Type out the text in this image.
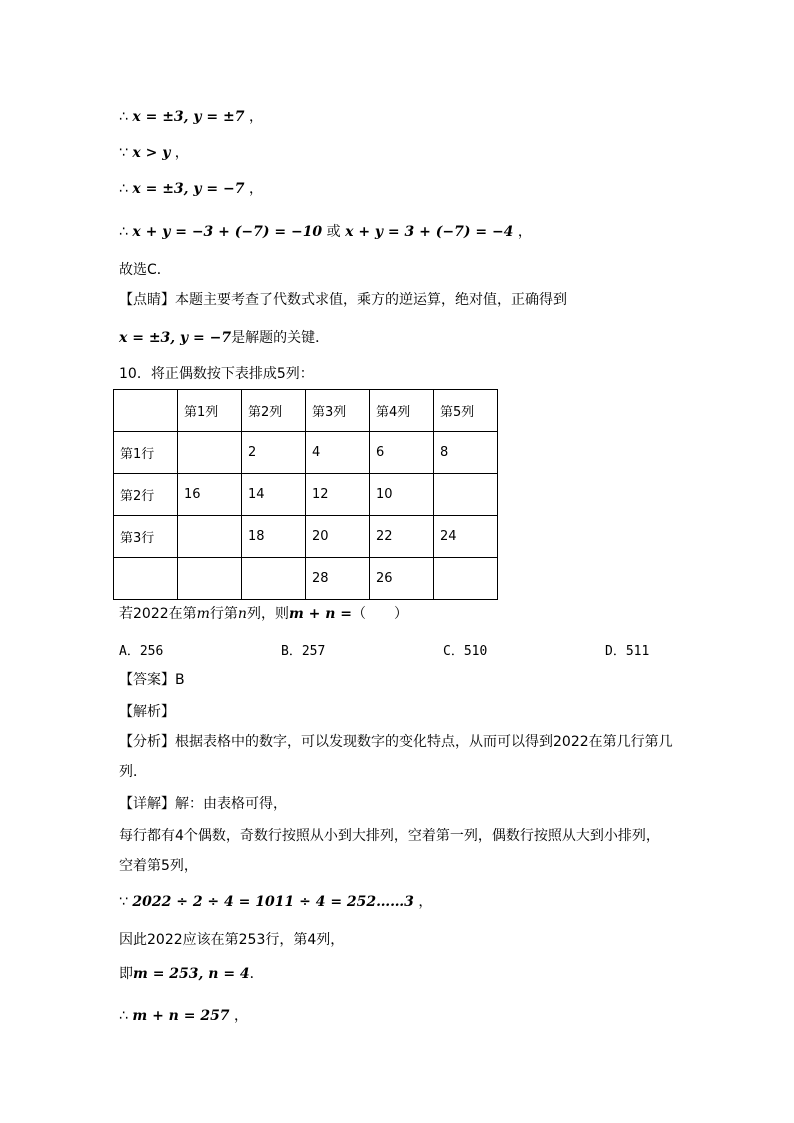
∴ x = ±3, y = ±7 ，
∵ x > y ，
∴ x = ±3, y = −7 ，
∴ x + y = −3 + (−7) = −10 或 x + y = 3 + (−7) = −4 ，
故选C．
【点睛】本题主要考查了代数式求值，乘方的逆运算，绝对值，正确得到
x = ±3, y = −7是解题的关键．
10．将正偶数按下表排成5列：
	第1列	第2列	第3列	第4列	第5列
第1行		2	4	6	8
第2行	16	14	12	10	
第3行		18	20	22	24
			28	26	
若2022在第m行第n列，则m + n =（　　）
A．256	B．257	C．510	D．511
【答案】B
【解析】
【分析】根据表格中的数字，可以发现数字的变化特点，从而可以得到2022在第几行第几
列．
【详解】解：由表格可得，
每行都有4个偶数，奇数行按照从小到大排列，空着第一列，偶数行按照从大到小排列，
空着第5列，
∵ 2022 ÷ 2 ÷ 4 = 1011 ÷ 4 = 252……3 ，
因此2022应该在第253行，第4列，
即m = 253, n = 4．
∴ m + n = 257 ，
